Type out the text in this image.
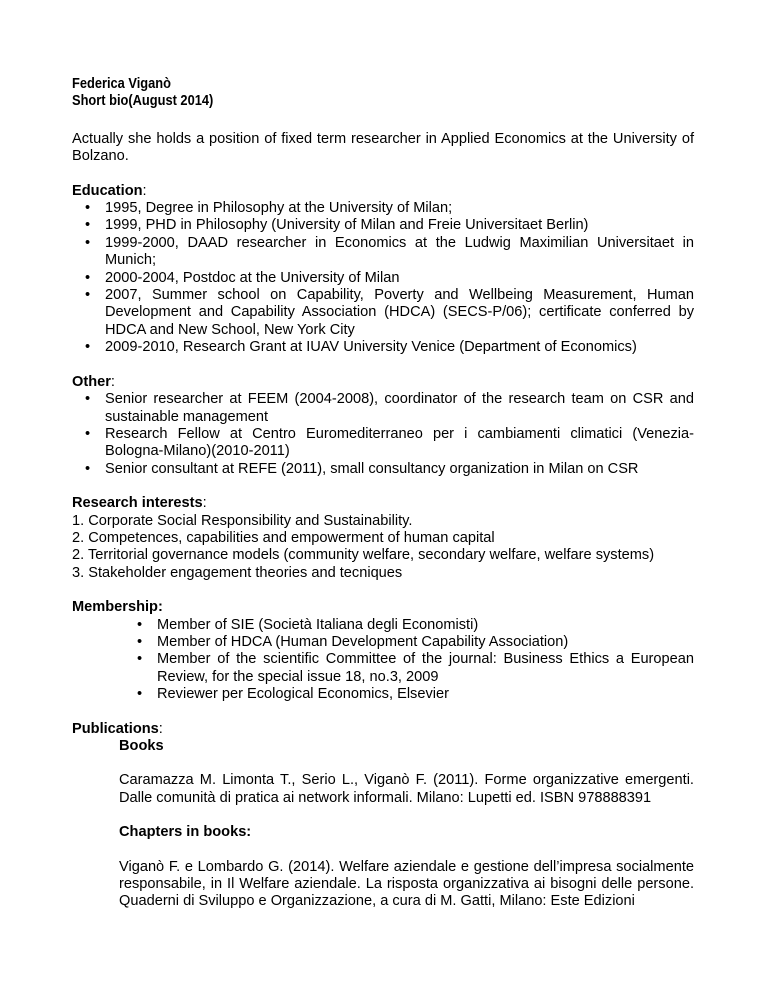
Federica Viganò
Short bio(August 2014)
Actually she holds a position of fixed term researcher in Applied Economics at the University of Bolzano.
Education:
• 1995, Degree in Philosophy at the University of Milan;
• 1999, PHD in Philosophy (University of Milan and Freie Universitaet Berlin)
• 1999-2000, DAAD researcher in Economics at the Ludwig Maximilian Universitaet in Munich;
• 2000-2004, Postdoc at the University of Milan
• 2007, Summer school on Capability, Poverty and Wellbeing Measurement, Human Development and Capability Association (HDCA) (SECS-P/06); certificate conferred by HDCA and New School, New York City
• 2009-2010, Research Grant at IUAV University Venice (Department of Economics)
Other:
• Senior researcher at FEEM (2004-2008), coordinator of the research team on CSR and sustainable management
• Research Fellow at Centro Euromediterraneo per i cambiamenti climatici (Venezia-Bologna-Milano)(2010-2011)
• Senior consultant at REFE (2011), small consultancy organization in Milan on CSR
Research interests:
1. Corporate Social Responsibility and Sustainability.
2. Competences, capabilities and empowerment of human capital
2. Territorial governance models (community welfare, secondary welfare, welfare systems)
3. Stakeholder engagement theories and tecniques
Membership:
• Member of SIE (Società Italiana degli Economisti)
• Member of HDCA (Human Development Capability Association)
• Member of the scientific Committee of the journal: Business Ethics a European Review, for the special issue 18, no.3, 2009
• Reviewer per Ecological Economics, Elsevier
Publications:
Books
Caramazza M. Limonta T., Serio L., Viganò F. (2011). Forme organizzative emergenti. Dalle comunità di pratica ai network informali. Milano: Lupetti ed. ISBN 978888391
Chapters in books:
Viganò F. e Lombardo G. (2014). Welfare aziendale e gestione dell’impresa socialmente responsabile, in Il Welfare aziendale. La risposta organizzativa ai bisogni delle persone. Quaderni di Sviluppo e Organizzazione, a cura di M. Gatti, Milano: Este Edizioni
